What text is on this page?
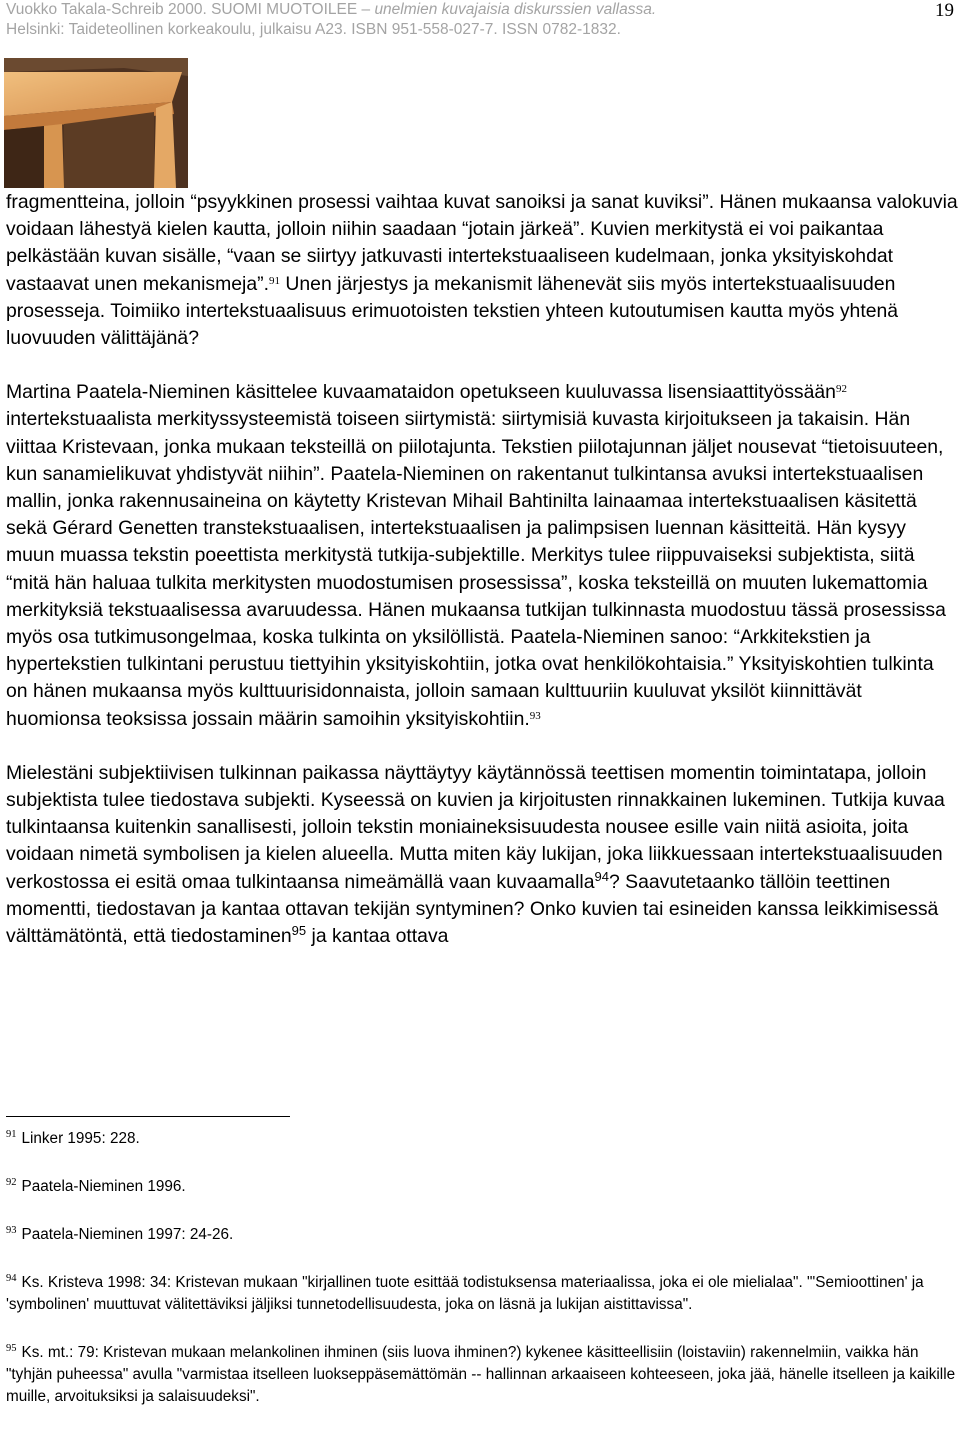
Vuokko Takala-Schreib 2000. SUOMI MUOTOILEE – unelmien kuvajaisia diskurssien vallassa.
Helsinki: Taideteollinen korkeakoulu, julkaisu A23. ISBN 951-558-027-7. ISSN 0782-1832.
19

fragmentteina, jolloin “psyykkinen prosessi vaihtaa kuvat sanoiksi ja sanat kuviksi”. Hänen mukaansa valokuvia voidaan lähestyä kielen kautta, jolloin niihin saadaan “jotain järkeä”. Kuvien merkitystä ei voi paikantaa pelkästään kuvan sisälle, “vaan se siirtyy jatkuvasti intertekstuaaliseen kudelmaan, jonka yksityiskohdat vastaavat unen mekanismeja”.$^{91}$ Unen järjestys ja mekanismit lähenevät siis myös intertekstuaalisuuden prosesseja. Toimiiko intertekstuaalisuus erimuotoisten tekstien yhteen kutoutumisen kautta myös yhtenä luovuuden välittäjänä?

Martina Paatela-Nieminen käsittelee kuvaamataidon opetukseen kuuluvassa lisensiaattityössään$^{92}$ intertekstuaalista merkityssysteemistä toiseen siirtymistä: siirtymisiä kuvasta kirjoitukseen ja takaisin. Hän viittaa Kristevaan, jonka mukaan teksteillä on piilotajunta. Tekstien piilotajunnan jäljet nousevat “tietoisuuteen, kun sanamielikuvat yhdistyvät niihin”. Paatela-Nieminen on rakentanut tulkintansa avuksi intertekstuaalisen mallin, jonka rakennusaineina on käytetty Kristevan Mihail Bahtinilta lainaamaa intertekstuaalisen käsitettä sekä Gérard Genetten transtekstuaalisen, intertekstuaalisen ja palimpsisen luennan käsitteitä. Hän kysyy muun muassa tekstin poeettista merkitystä tutkija-subjektille. Merkitys tulee riippuvaiseksi subjektista, siitä “mitä hän haluaa tulkita merkitysten muodostumisen prosessissa”, koska teksteillä on muuten lukemattomia merkityksiä tekstuaalisessa avaruudessa. Hänen mukaansa tutkijan tulkinnasta muodostuu tässä prosessissa myös osa tutkimusongelmaa, koska tulkinta on yksilöllistä. Paatela-Nieminen sanoo: “Arkkitekstien ja hypertekstien tulkintani perustuu tiettyihin yksityiskohtiin, jotka ovat henkilökohtaisia.” Yksityiskohtien tulkinta on hänen mukaansa myös kulttuurisidonnaista, jolloin samaan kulttuuriin kuuluvat yksilöt kiinnittävät huomionsa teoksissa jossain määrin samoihin yksityiskohtiin.$^{93}$

Mielestäni subjektiivisen tulkinnan paikassa näyttäytyy käytännössä teettisen momentin toimintatapa, jolloin subjektista tulee tiedostava subjekti. Kyseessä on kuvien ja kirjoitusten rinnakkainen lukeminen. Tutkija kuvaa tulkintaansa kuitenkin sanallisesti, jolloin tekstin moniaineksisuudesta nousee esille vain niitä asioita, joita voidaan nimetä symbolisen ja kielen alueella. Mutta miten käy lukijan, joka liikkuessaan intertekstuaalisuuden verkostossa ei esitä omaa tulkintaansa nimeämällä vaan kuvaamalla$^{94}$? Saavutetaanko tällöin teettinen momentti, tiedostavan ja kantaa ottavan tekijän syntyminen? Onko kuvien tai esineiden kanssa leikkimisessä välttämätöntä, että tiedostaminen$^{95}$ ja kantaa ottava

$^{91}$ Linker 1995: 228.

$^{92}$ Paatela-Nieminen 1996.

$^{93}$ Paatela-Nieminen 1997: 24-26.

$^{94}$ Ks. Kristeva 1998: 34: Kristevan mukaan "kirjallinen tuote esittää todistuksensa materiaalissa, joka ei ole mielialaa". "'Semioottinen' ja 'symbolinen' muuttuvat välitettäviksi jäljiksi tunnetodellisuudesta, joka on läsnä ja lukijan aistittavissa".

$^{95}$ Ks. mt.: 79: Kristevan mukaan melankolinen ihminen (siis luova ihminen?) kykenee käsitteellisiin (loistaviin) rakennelmiin, vaikka hän "tyhjän puheessa" avulla "varmistaa itselleen luokseppäsemättömän -- hallinnan arkaaiseen kohteeseen, joka jää, hänelle itselleen ja kaikille muille, arvoituksiksi ja salaisuudeksi".
